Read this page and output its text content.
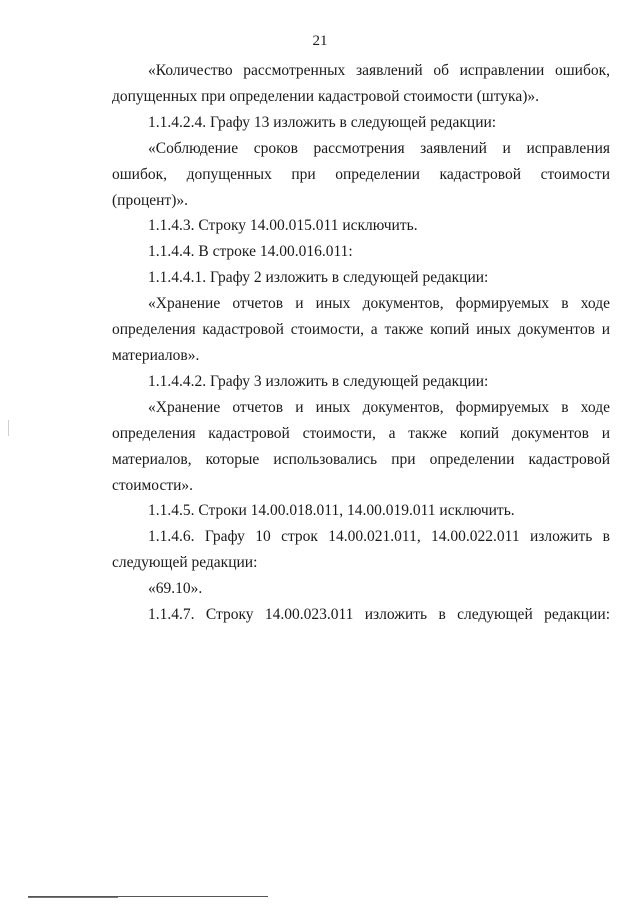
21

«Количество рассмотренных заявлений об исправлении ошибок, допущенных при определении кадастровой стоимости (штука)».

1.1.4.2.4. Графу 13 изложить в следующей редакции:

«Соблюдение сроков рассмотрения заявлений и исправления ошибок, допущенных при определении кадастровой стоимости (процент)».

1.1.4.3. Строку 14.00.015.011 исключить.

1.1.4.4. В строке 14.00.016.011:

1.1.4.4.1. Графу 2 изложить в следующей редакции:

«Хранение отчетов и иных документов, формируемых в ходе определения кадастровой стоимости, а также копий иных документов и материалов».

1.1.4.4.2. Графу 3 изложить в следующей редакции:

«Хранение отчетов и иных документов, формируемых в ходе определения кадастровой стоимости, а также копий документов и материалов, которые использовались при определении кадастровой стоимости».

1.1.4.5. Строки 14.00.018.011, 14.00.019.011 исключить.

1.1.4.6. Графу 10 строк 14.00.021.011, 14.00.022.011 изложить в следующей редакции:

«69.10».

1.1.4.7. Строку 14.00.023.011 изложить в следующей редакции:
